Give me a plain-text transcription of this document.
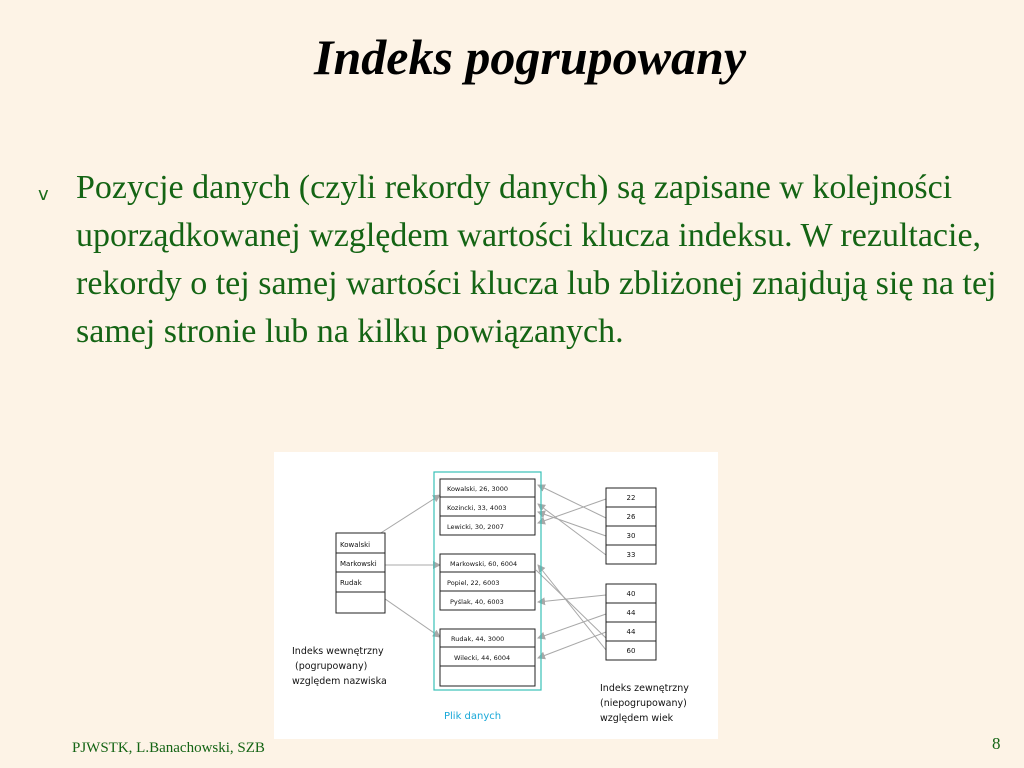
Indeks pogrupowany
v Pozycje danych (czyli rekordy danych) są zapisane w kolejności uporządkowanej względem wartości klucza indeksu. W rezultacie, rekordy o tej samej wartości klucza lub zbliżonej znajdują się na tej samej stronie lub na kilku powiązanych.
Kowalski
Markowski
Rudak
Kowalski, 26, 3000
Kozincki, 33, 4003
Lewicki, 30, 2007
Markowski, 60, 6004
Popiel, 22, 6003
Pyślak, 40, 6003
Rudak, 44, 3000
Wilecki, 44, 6004
22
26
30
33
40
44
44
60
Indeks wewnętrzny
(pogrupowany)
względem nazwiska
Plik danych
Indeks zewnętrzny
(niepogrupowany)
względem wiek
PJWSTK, L.Banachowski, SZB	8
